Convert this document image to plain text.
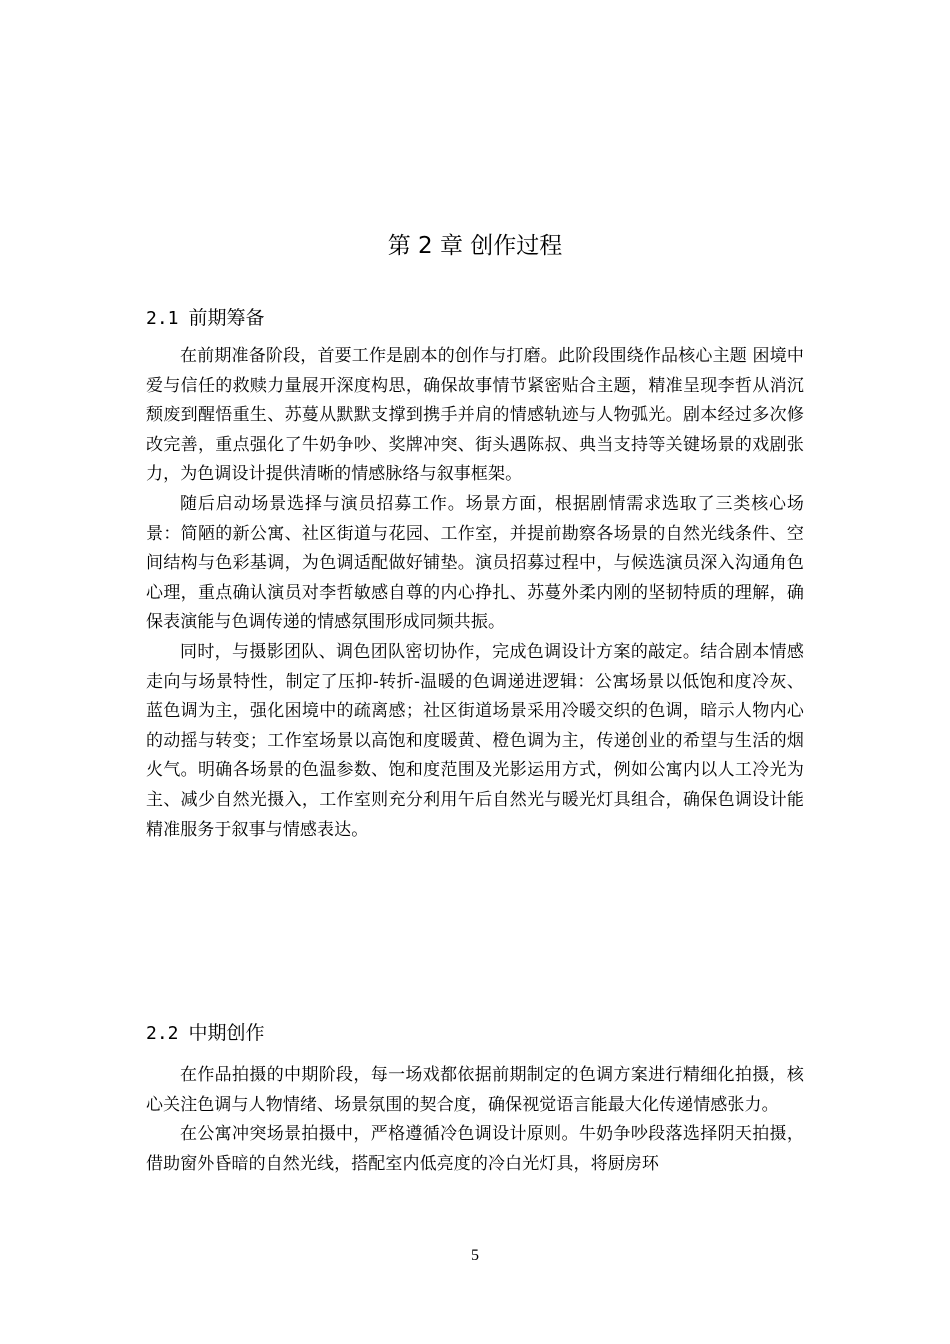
第 2 章 创作过程
2.1 前期筹备

在前期准备阶段，首要工作是剧本的创作与打磨。此阶段围绕作品核心主题 困境中爱与信任的救赎力量展开深度构思，确保故事情节紧密贴合主题，精准呈现李哲从消沉颓废到醒悟重生、苏蔓从默默支撑到携手并肩的情感轨迹与人物弧光。剧本经过多次修改完善，重点强化了牛奶争吵、奖牌冲突、街头遇陈叔、典当支持等关键场景的戏剧张力，为色调设计提供清晰的情感脉络与叙事框架。

随后启动场景选择与演员招募工作。场景方面，根据剧情需求选取了三类核心场景：简陋的新公寓、社区街道与花园、工作室，并提前勘察各场景的自然光线条件、空间结构与色彩基调，为色调适配做好铺垫。演员招募过程中，与候选演员深入沟通角色心理，重点确认演员对李哲敏感自尊的内心挣扎、苏蔓外柔内刚的坚韧特质的理解，确保表演能与色调传递的情感氛围形成同频共振。

同时，与摄影团队、调色团队密切协作，完成色调设计方案的敲定。结合剧本情感走向与场景特性，制定了压抑-转折-温暖的色调递进逻辑：公寓场景以低饱和度冷灰、蓝色调为主，强化困境中的疏离感；社区街道场景采用冷暖交织的色调，暗示人物内心的动摇与转变；工作室场景以高饱和度暖黄、橙色调为主，传递创业的希望与生活的烟火气。明确各场景的色温参数、饱和度范围及光影运用方式，例如公寓内以人工冷光为主、减少自然光摄入，工作室则充分利用午后自然光与暖光灯具组合，确保色调设计能精准服务于叙事与情感表达。

2.2 中期创作

在作品拍摄的中期阶段，每一场戏都依据前期制定的色调方案进行精细化拍摄，核心关注色调与人物情绪、场景氛围的契合度，确保视觉语言能最大化传递情感张力。

在公寓冲突场景拍摄中，严格遵循冷色调设计原则。牛奶争吵段落选择阴天拍摄，借助窗外昏暗的自然光线，搭配室内低亮度的冷白光灯具，将厨房环

5
